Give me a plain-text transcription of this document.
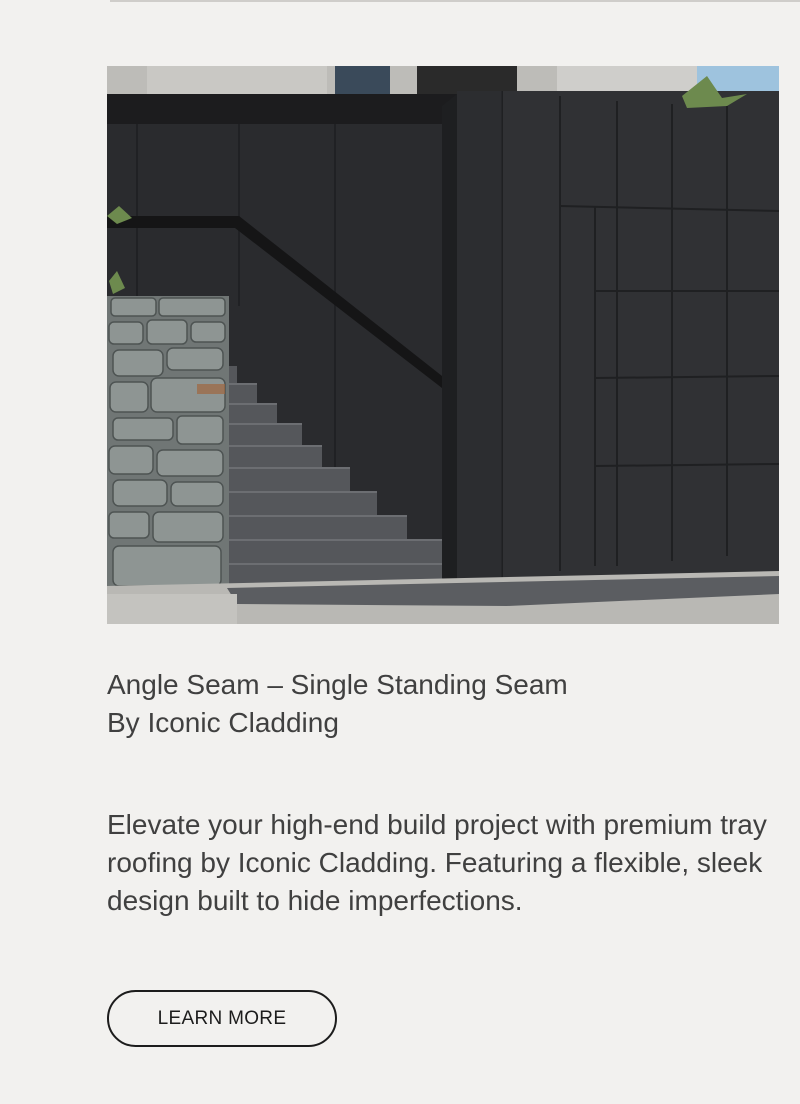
Angle Seam – Single Standing Seam
By Iconic Cladding

Elevate your high-end build project with premium tray roofing by Iconic Cladding. Featuring a flexible, sleek design built to hide imperfections.

LEARN MORE
